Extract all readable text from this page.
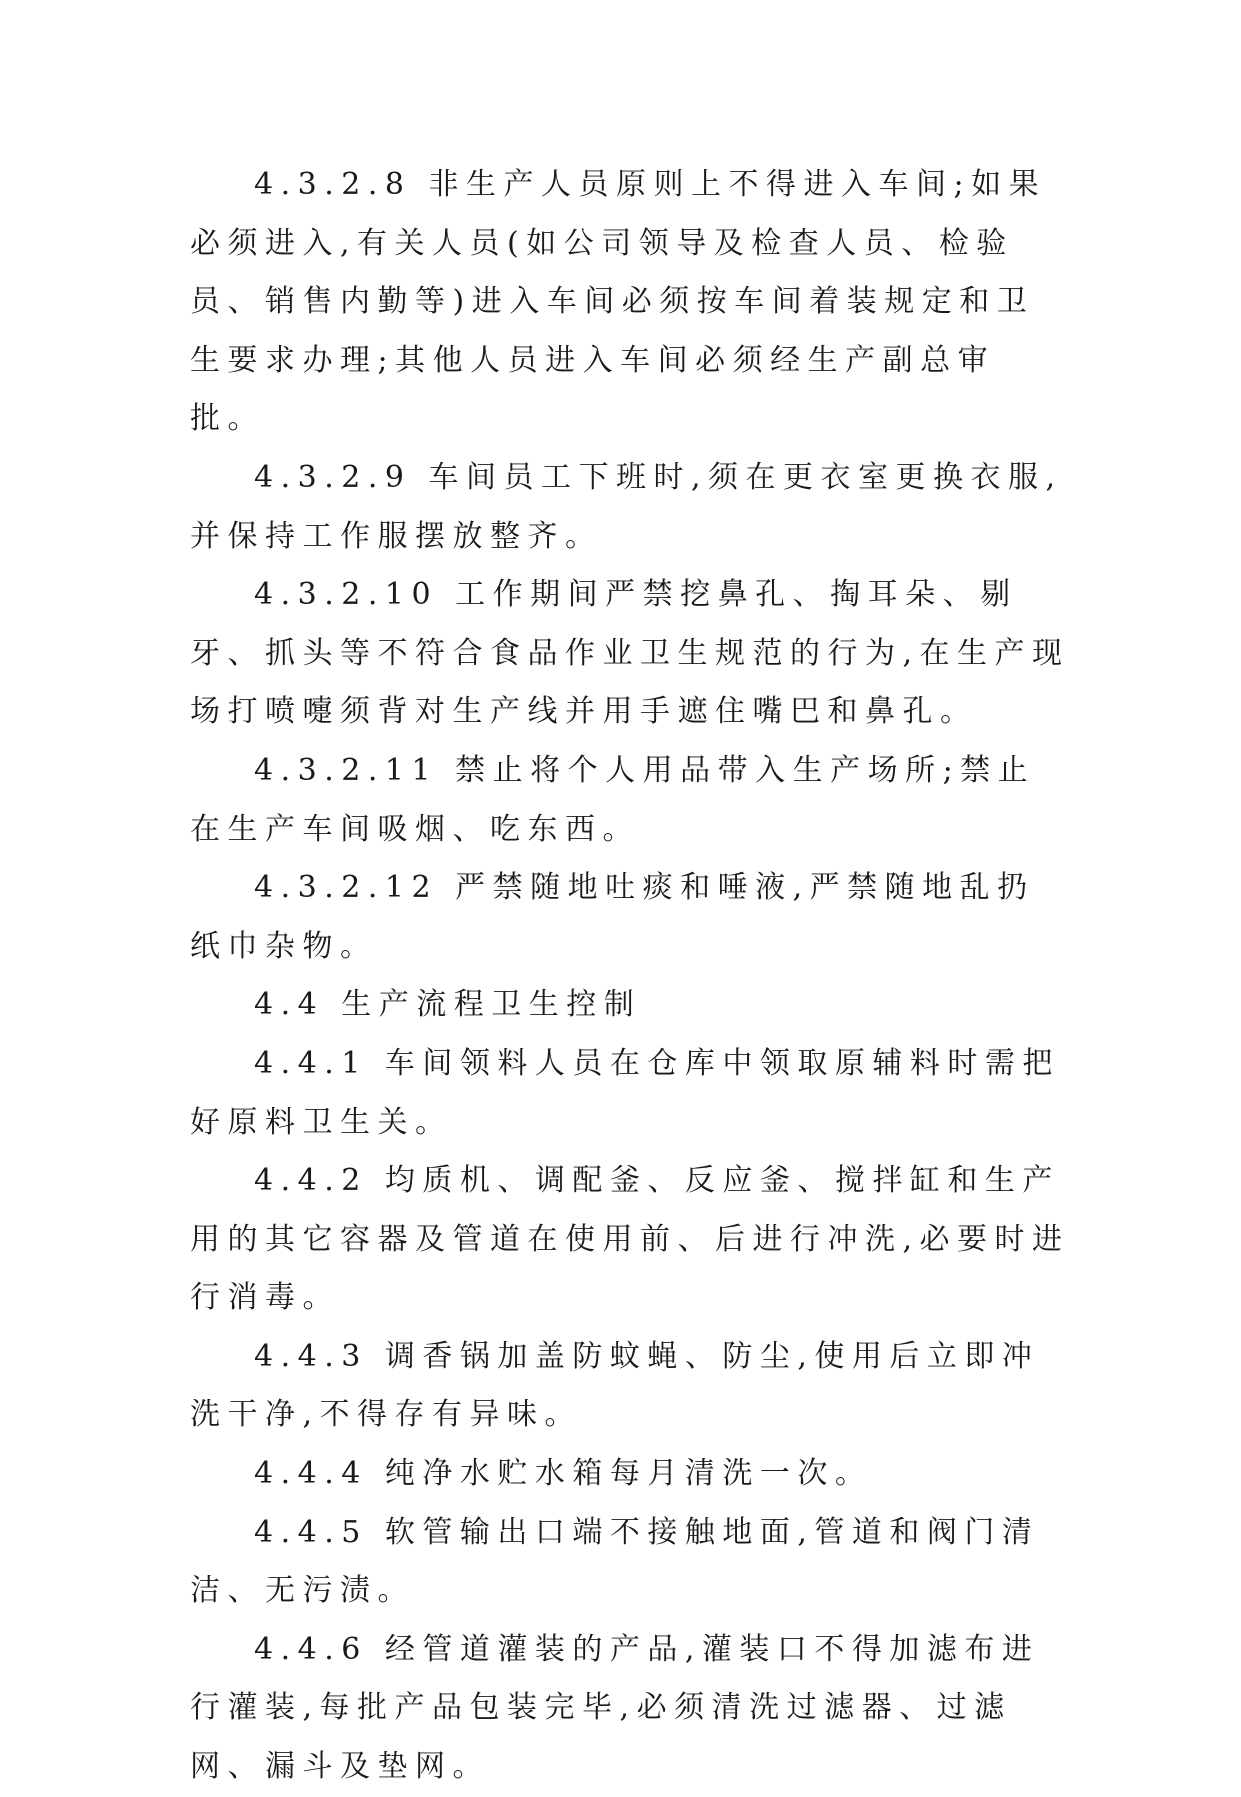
4.3.2.8 非生产人员原则上不得进入车间;如果必须进入,有关人员(如公司领导及检查人员、检验员、销售内勤等)进入车间必须按车间着装规定和卫生要求办理;其他人员进入车间必须经生产副总审批。

4.3.2.9 车间员工下班时,须在更衣室更换衣服,并保持工作服摆放整齐。

4.3.2.10 工作期间严禁挖鼻孔、掏耳朵、剔牙、抓头等不符合食品作业卫生规范的行为,在生产现场打喷嚏须背对生产线并用手遮住嘴巴和鼻孔。

4.3.2.11 禁止将个人用品带入生产场所;禁止在生产车间吸烟、吃东西。

4.3.2.12 严禁随地吐痰和唾液,严禁随地乱扔纸巾杂物。

4.4 生产流程卫生控制

4.4.1 车间领料人员在仓库中领取原辅料时需把好原料卫生关。

4.4.2 均质机、调配釜、反应釜、搅拌缸和生产用的其它容器及管道在使用前、后进行冲洗,必要时进行消毒。

4.4.3 调香锅加盖防蚊蝇、防尘,使用后立即冲洗干净,不得存有异味。

4.4.4 纯净水贮水箱每月清洗一次。

4.4.5 软管输出口端不接触地面,管道和阀门清洁、无污渍。

4.4.6 经管道灌装的产品,灌装口不得加滤布进行灌装,每批产品包装完毕,必须清洗过滤器、过滤网、漏斗及垫网。
